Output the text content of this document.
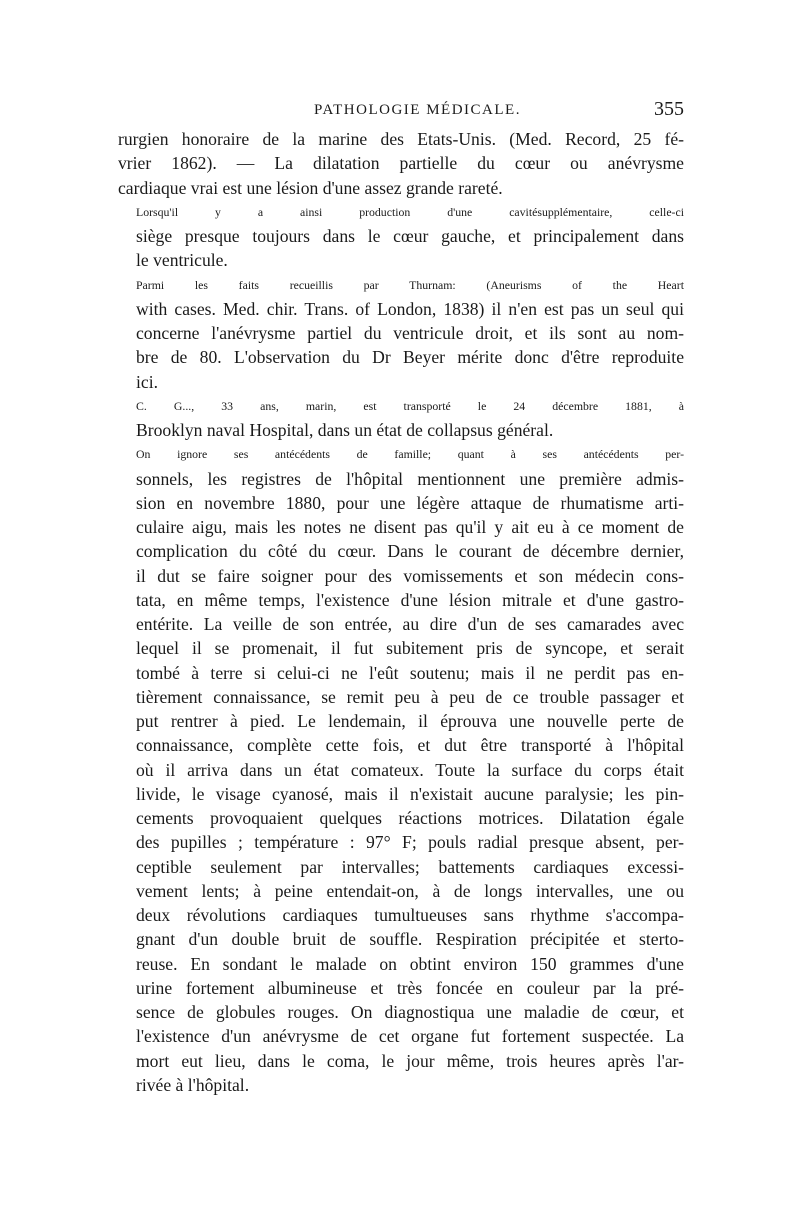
PATHOLOGIE MÉDICALE.	355

rurgien honoraire de la marine des Etats-Unis. (Med. Record, 25 fé-
vrier 1862). — La dilatation partielle du cœur ou anévrysme
cardiaque vrai est une lésion d'une assez grande rareté.

Lorsqu'il y a ainsi production d'une cavitésupplémentaire, celle-ci
siège presque toujours dans le cœur gauche, et principalement dans
le ventricule.

Parmi les faits recueillis par Thurnam: (Aneurisms of the Heart
with cases. Med. chir. Trans. of London, 1838) il n'en est pas un seul qui
concerne l'anévrysme partiel du ventricule droit, et ils sont au nom-
bre de 80. L'observation du Dr Beyer mérite donc d'être reproduite
ici.

C. G..., 33 ans, marin, est transporté le 24 décembre 1881, à
Brooklyn naval Hospital, dans un état de collapsus général.

On ignore ses antécédents de famille; quant à ses antécédents per-
sonnels, les registres de l'hôpital mentionnent une première admis-
sion en novembre 1880, pour une légère attaque de rhumatisme arti-
culaire aigu, mais les notes ne disent pas qu'il y ait eu à ce moment de
complication du côté du cœur. Dans le courant de décembre dernier,
il dut se faire soigner pour des vomissements et son médecin cons-
tata, en même temps, l'existence d'une lésion mitrale et d'une gastro-
entérite. La veille de son entrée, au dire d'un de ses camarades avec
lequel il se promenait, il fut subitement pris de syncope, et serait
tombé à terre si celui-ci ne l'eût soutenu; mais il ne perdit pas en-
tièrement connaissance, se remit peu à peu de ce trouble passager et
put rentrer à pied. Le lendemain, il éprouva une nouvelle perte de
connaissance, complète cette fois, et dut être transporté à l'hôpital
où il arriva dans un état comateux. Toute la surface du corps était
livide, le visage cyanosé, mais il n'existait aucune paralysie; les pin-
cements provoquaient quelques réactions motrices. Dilatation égale
des pupilles ; température : 97° F; pouls radial presque absent, per-
ceptible seulement par intervalles; battements cardiaques excessi-
vement lents; à peine entendait-on, à de longs intervalles, une ou
deux révolutions cardiaques tumultueuses sans rhythme s'accompa-
gnant d'un double bruit de souffle. Respiration précipitée et sterto-
reuse. En sondant le malade on obtint environ 150 grammes d'une
urine fortement albumineuse et très foncée en couleur par la pré-
sence de globules rouges. On diagnostiqua une maladie de cœur, et
l'existence d'un anévrysme de cet organe fut fortement suspectée. La
mort eut lieu, dans le coma, le jour même, trois heures après l'ar-
rivée à l'hôpital.
